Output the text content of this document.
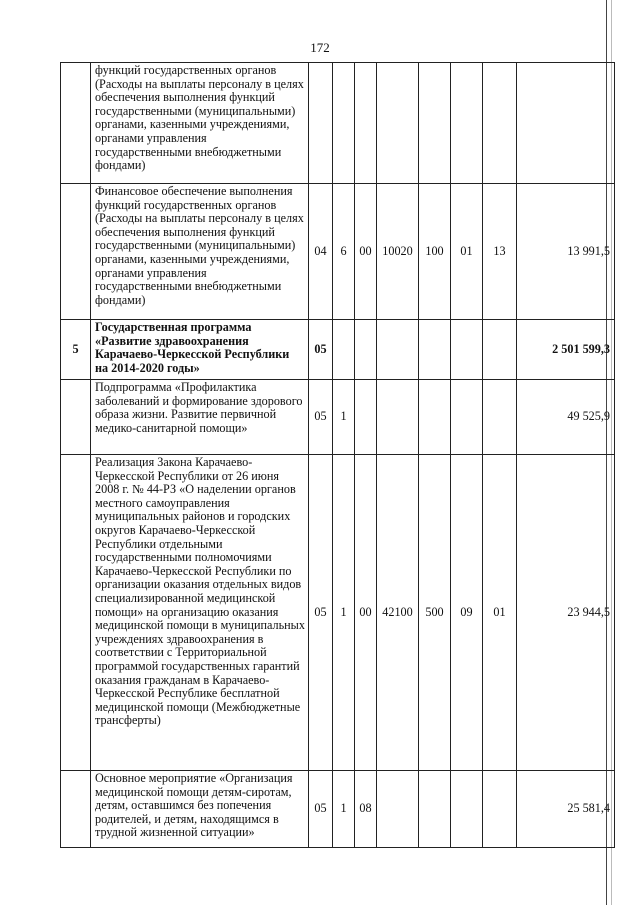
172
	функций государственных органов (Расходы на выплаты персоналу в целях обеспечения выполнения функций государственными (муниципальными) органами, казенными учреждениями, органами управления государственными внебюджетными фондами)								
	Финансовое обеспечение выполнения функций государственных органов (Расходы на выплаты персоналу в целях обеспечения выполнения функций государственными (муниципальными) органами, казенными учреждениями, органами управления государственными внебюджетными фондами)	04	6	00	10020	100	01	13	13 991,5
5	Государственная программа «Развитие здравоохранения Карачаево-Черкесской Республики на 2014-2020 годы»	05							2 501 599,3
	Подпрограмма «Профилактика заболеваний и формирование здорового образа жизни. Развитие первичной медико-санитарной помощи»	05	1						49 525,9
	Реализация Закона Карачаево-Черкесской Республики от 26 июня 2008 г. № 44-РЗ «О наделении органов местного самоуправления муниципальных районов и городских округов Карачаево-Черкесской Республики отдельными государственными полномочиями Карачаево-Черкесской Республики по организации оказания отдельных видов специализированной медицинской помощи» на организацию оказания медицинской помощи в муниципальных учреждениях здравоохранения в соответствии с Территориальной программой государственных гарантий оказания гражданам в Карачаево-Черкесской Республике бесплатной медицинской помощи (Межбюджетные трансферты)	05	1	00	42100	500	09	01	23 944,5
	Основное мероприятие «Организация медицинской помощи детям-сиротам, детям, оставшимся без попечения родителей, и детям, находящимся в трудной жизненной ситуации»	05	1	08					25 581,4
